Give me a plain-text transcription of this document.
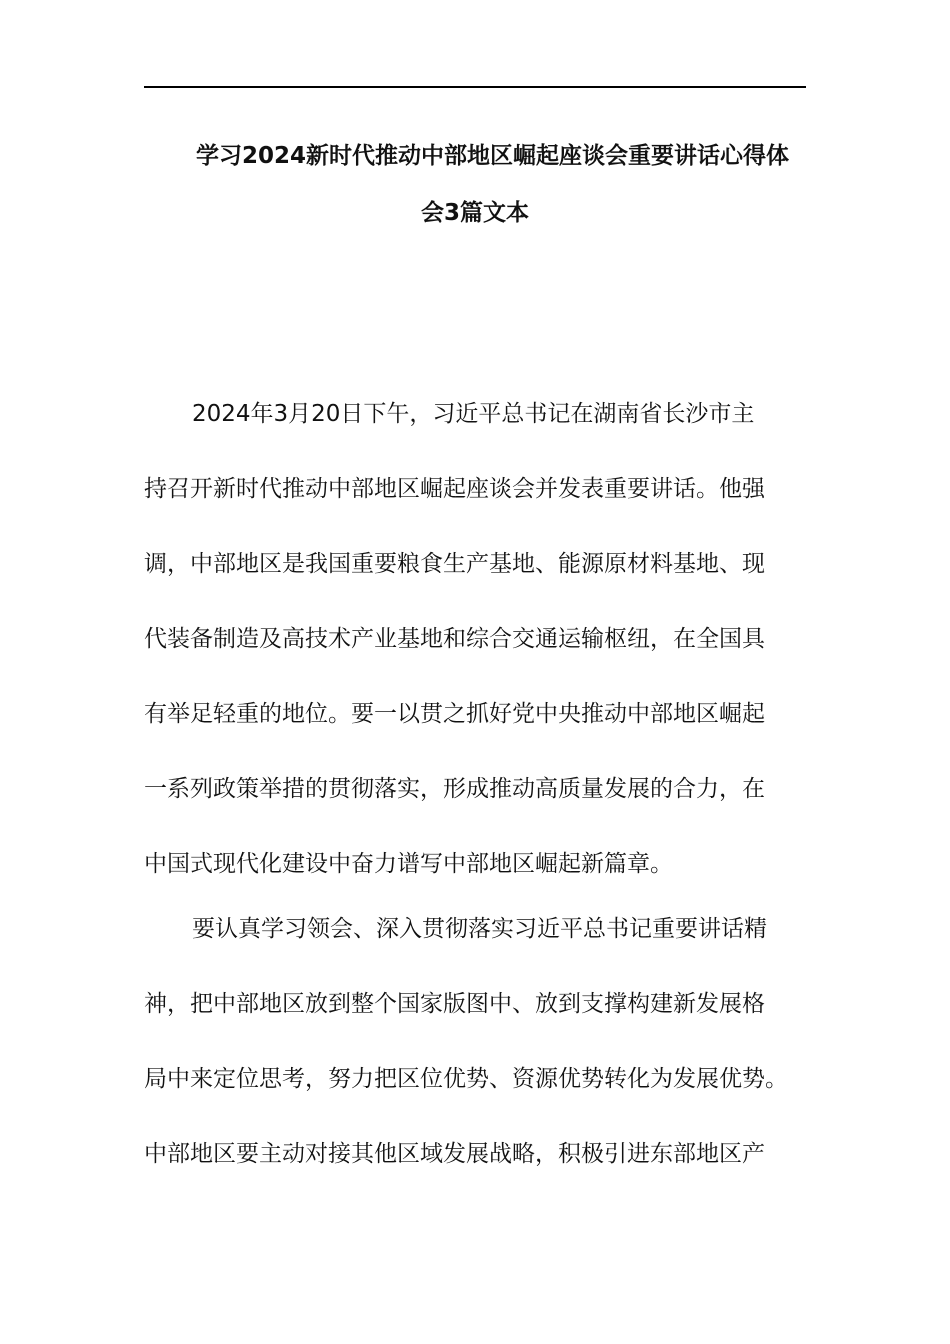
学习2024新时代推动中部地区崛起座谈会重要讲话心得体
会3篇文本
2024年3月20日下午，习近平总书记在湖南省长沙市主
持召开新时代推动中部地区崛起座谈会并发表重要讲话。他强
调，中部地区是我国重要粮食生产基地、能源原材料基地、现
代装备制造及高技术产业基地和综合交通运输枢纽，在全国具
有举足轻重的地位。要一以贯之抓好党中央推动中部地区崛起
一系列政策举措的贯彻落实，形成推动高质量发展的合力，在
中国式现代化建设中奋力谱写中部地区崛起新篇章。
要认真学习领会、深入贯彻落实习近平总书记重要讲话精
神，把中部地区放到整个国家版图中、放到支撑构建新发展格
局中来定位思考，努力把区位优势、资源优势转化为发展优势。
中部地区要主动对接其他区域发展战略，积极引进东部地区产
